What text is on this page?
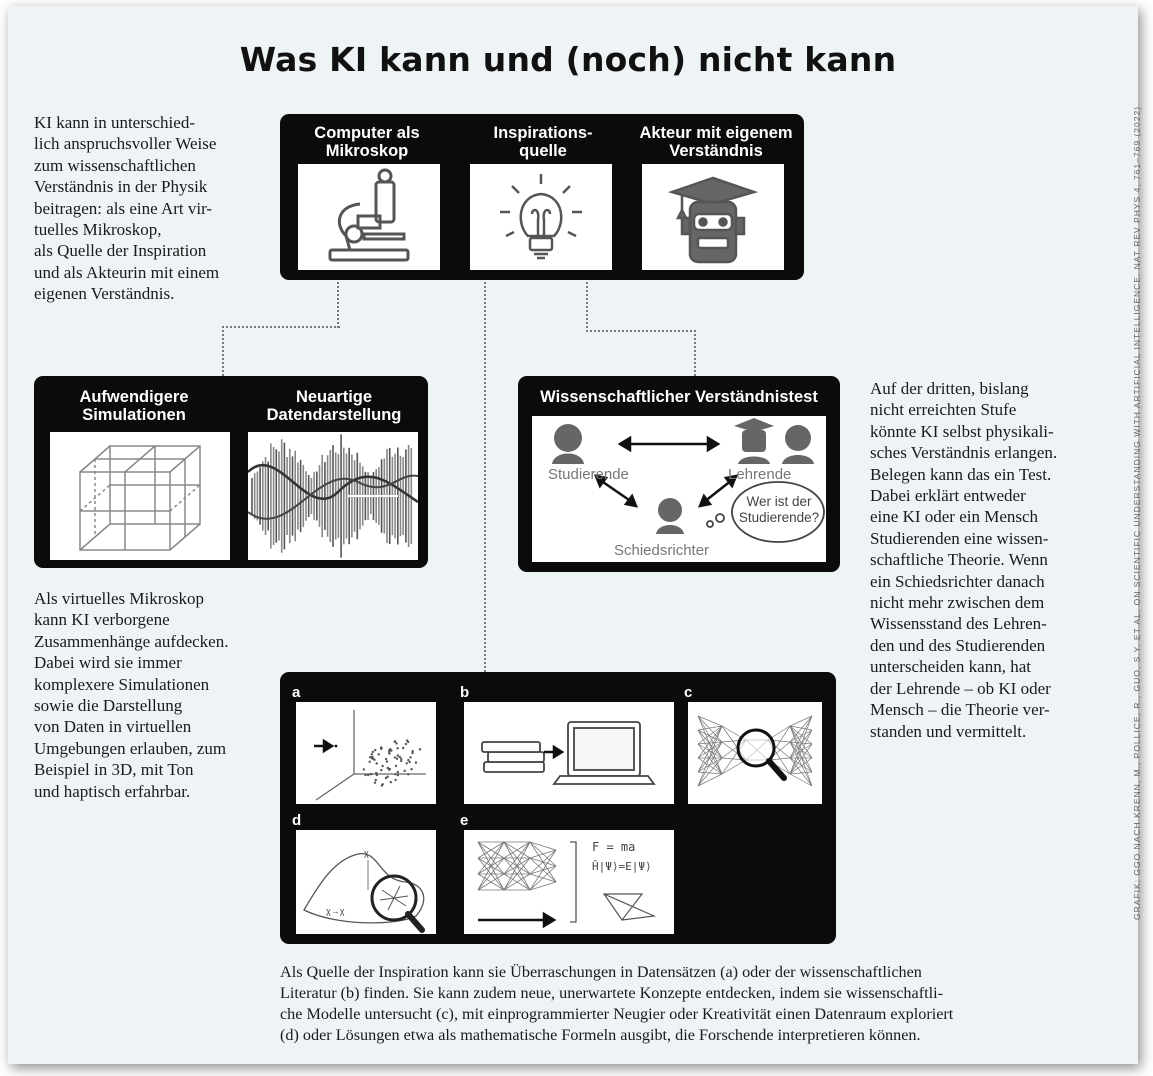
Was KI kann und (noch) nicht kann
GRAFIK: GGO NACH KRENN, M., POLLICE, R., GUO, S.Y. ET AL. ON SCIENTIFIC UNDERSTANDING WITH ARTIFICIAL INTELLIGENCE. NAT REV PHYS 4, 761–769 (2022)
KI kann in unterschied-
lich anspruchsvoller Weise
zum wissenschaftlichen
Verständnis in der Physik
beitragen: als eine Art vir-
tuelles Mikroskop,
als Quelle der Inspiration
und als Akteurin mit einem
eigenen Verständnis.
Computer als
Mikroskop
Inspirations-
quelle
Akteur mit eigenem
Verständnis
Aufwendigere
Simulationen
Neuartige
Datendarstellung
Wissenschaftlicher Verständnistest
Studierende	Lehrende
Schiedsrichter
Wer ist der
Studierende?
Auf der dritten, bislang
nicht erreichten Stufe
könnte KI selbst physikali-
sches Verständnis erlangen.
Belegen kann das ein Test.
Dabei erklärt entweder
eine KI oder ein Mensch
Studierenden eine wissen-
schaftliche Theorie. Wenn
ein Schiedsrichter danach
nicht mehr zwischen dem
Wissensstand des Lehren-
den und des Studierenden
unterscheiden kann, hat
der Lehrende – ob KI oder
Mensch – die Theorie ver-
standen und vermittelt.
Als virtuelles Mikroskop
kann KI verborgene
Zusammenhänge aufdecken.
Dabei wird sie immer
komplexere Simulationen
sowie die Darstellung
von Daten in virtuellen
Umgebungen erlauben, zum
Beispiel in 3D, mit Ton
und haptisch erfahrbar.
a	b	c
d	e
χ→χ
χ	F = ma
Ĥ|Ψ⟩=E|Ψ⟩
Als Quelle der Inspiration kann sie Überraschungen in Datensätzen (a) oder der wissenschaftlichen
Literatur (b) finden. Sie kann zudem neue, unerwartete Konzepte entdecken, indem sie wissenschaftli-
che Modelle untersucht (c), mit einprogrammierter Neugier oder Kreativität einen Datenraum exploriert
(d) oder Lösungen etwa als mathematische Formeln ausgibt, die Forschende interpretieren können.
